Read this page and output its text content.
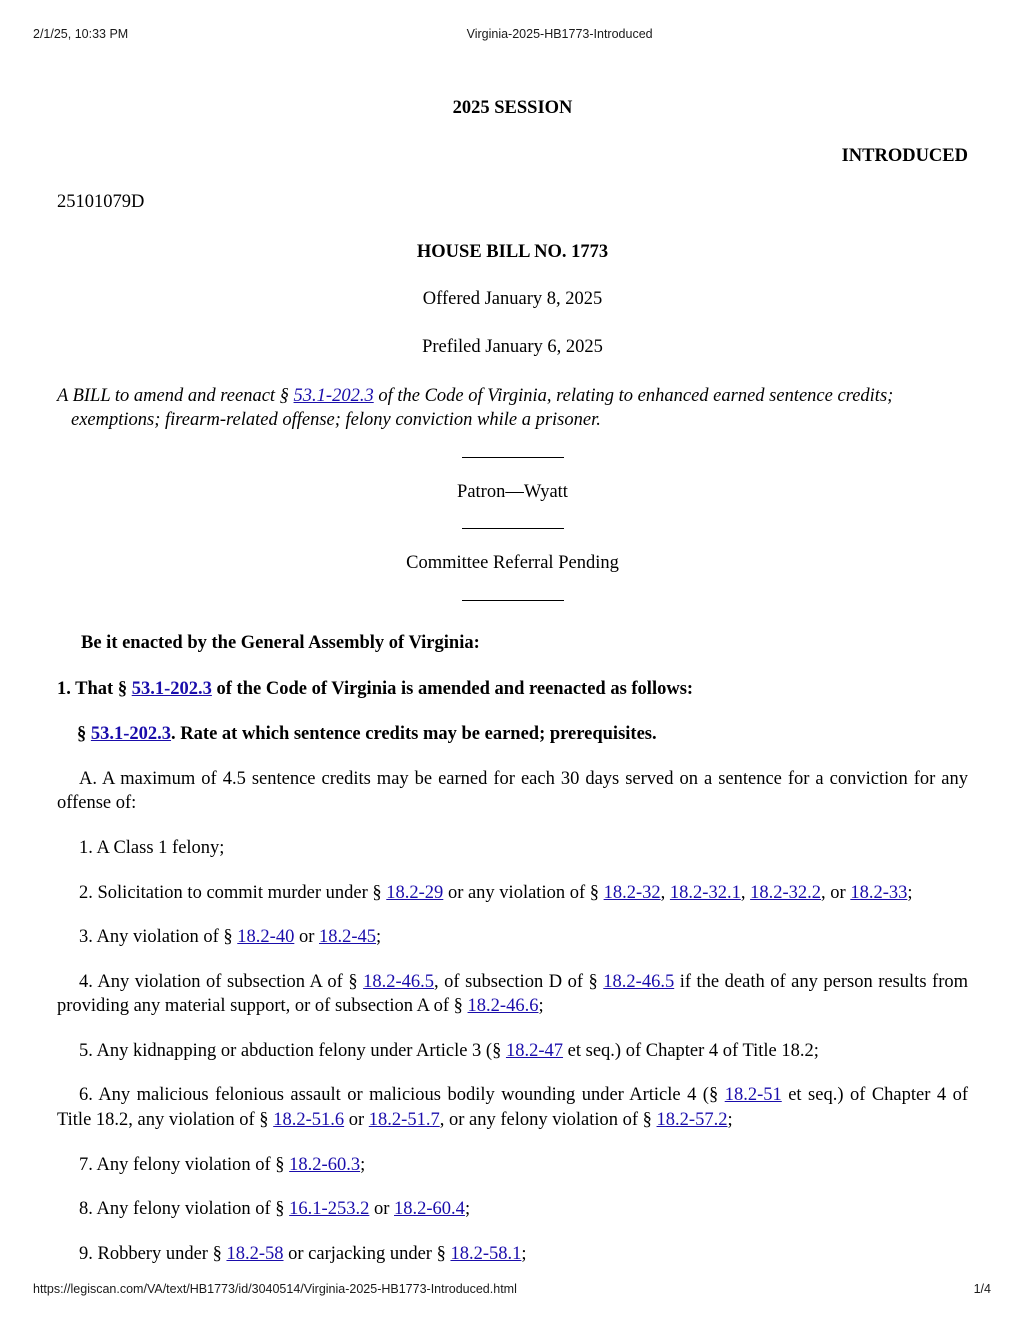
2/1/25, 10:33 PM	Virginia-2025-HB1773-Introduced

2025 SESSION

INTRODUCED

25101079D

HOUSE BILL NO. 1773

Offered January 8, 2025

Prefiled January 6, 2025

A BILL to amend and reenact § 53.1-202.3 of the Code of Virginia, relating to enhanced earned sentence credits;
exemptions; firearm-related offense; felony conviction while a prisoner.

Patron—Wyatt

Committee Referral Pending

Be it enacted by the General Assembly of Virginia:

1. That § 53.1-202.3 of the Code of Virginia is amended and reenacted as follows:

§ 53.1-202.3. Rate at which sentence credits may be earned; prerequisites.

A. A maximum of 4.5 sentence credits may be earned for each 30 days served on a sentence for a conviction for any offense of:

1. A Class 1 felony;

2. Solicitation to commit murder under § 18.2-29 or any violation of § 18.2-32, 18.2-32.1, 18.2-32.2, or 18.2-33;

3. Any violation of § 18.2-40 or 18.2-45;

4. Any violation of subsection A of § 18.2-46.5, of subsection D of § 18.2-46.5 if the death of any person results from providing any material support, or of subsection A of § 18.2-46.6;

5. Any kidnapping or abduction felony under Article 3 (§ 18.2-47 et seq.) of Chapter 4 of Title 18.2;

6. Any malicious felonious assault or malicious bodily wounding under Article 4 (§ 18.2-51 et seq.) of Chapter 4 of Title 18.2, any violation of § 18.2-51.6 or 18.2-51.7, or any felony violation of § 18.2-57.2;

7. Any felony violation of § 18.2-60.3;

8. Any felony violation of § 16.1-253.2 or 18.2-60.4;

9. Robbery under § 18.2-58 or carjacking under § 18.2-58.1;

https://legiscan.com/VA/text/HB1773/id/3040514/Virginia-2025-HB1773-Introduced.html	1/4
